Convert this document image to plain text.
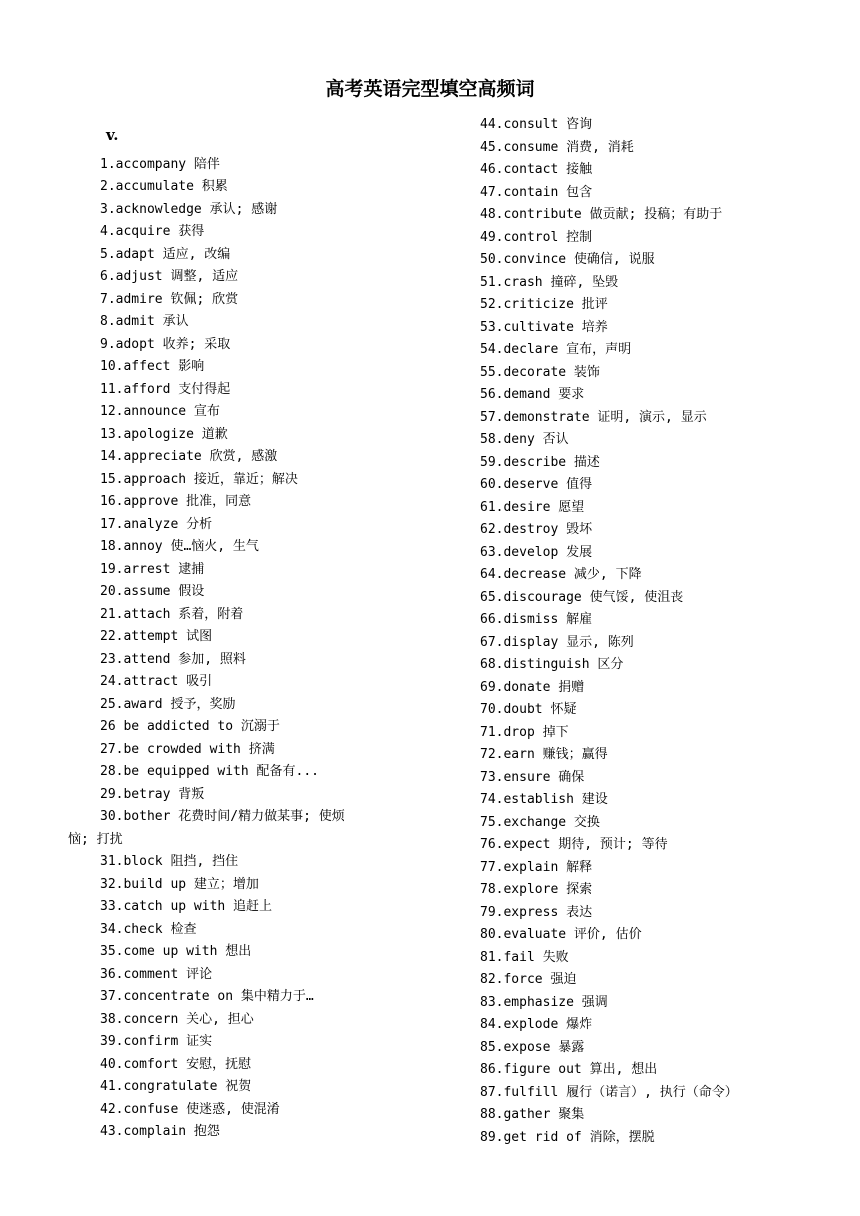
高考英语完型填空高频词
v.
1.accompany 陪伴
2.accumulate 积累
3.acknowledge 承认; 感谢
4.acquire 获得
5.adapt 适应, 改编
6.adjust 调整, 适应
7.admire 钦佩; 欣赏
8.admit 承认
9.adopt 收养; 采取
10.affect 影响
11.afford 支付得起
12.announce 宣布
13.apologize 道歉
14.appreciate 欣赏, 感激
15.approach 接近，靠近；解决
16.approve 批准，同意
17.analyze 分析
18.annoy 使…恼火, 生气
19.arrest 逮捕
20.assume 假设
21.attach 系着，附着
22.attempt 试图
23.attend 参加, 照料
24.attract 吸引
25.award 授予，奖励
26 be addicted to 沉溺于
27.be crowded with 挤满
28.be equipped with 配备有...
29.betray 背叛
30.bother 花费时间/精力做某事; 使烦
恼; 打扰
31.block 阻挡, 挡住
32.build up 建立；增加
33.catch up with 追赶上
34.check 检查
35.come up with 想出
36.comment 评论
37.concentrate on 集中精力于…
38.concern 关心, 担心
39.confirm 证实
40.comfort 安慰，抚慰
41.congratulate 祝贺
42.confuse 使迷惑, 使混淆
43.complain 抱怨
44.consult 咨询
45.consume 消费, 消耗
46.contact 接触
47.contain 包含
48.contribute 做贡献; 投稿；有助于
49.control 控制
50.convince 使确信, 说服
51.crash 撞碎, 坠毁
52.criticize 批评
53.cultivate 培养
54.declare 宣布，声明
55.decorate 装饰
56.demand 要求
57.demonstrate 证明, 演示, 显示
58.deny 否认
59.describe 描述
60.deserve 值得
61.desire 愿望
62.destroy 毁坏
63.develop 发展
64.decrease 减少, 下降
65.discourage 使气馁, 使沮丧
66.dismiss 解雇
67.display 显示, 陈列
68.distinguish 区分
69.donate 捐赠
70.doubt 怀疑
71.drop 掉下
72.earn 赚钱；赢得
73.ensure 确保
74.establish 建设
75.exchange 交换
76.expect 期待, 预计; 等待
77.explain 解释
78.explore 探索
79.express 表达
80.evaluate 评价, 估价
81.fail 失败
82.force 强迫
83.emphasize 强调
84.explode 爆炸
85.expose 暴露
86.figure out 算出, 想出
87.fulfill 履行（诺言）, 执行（命令）
88.gather 聚集
89.get rid of 消除，摆脱
